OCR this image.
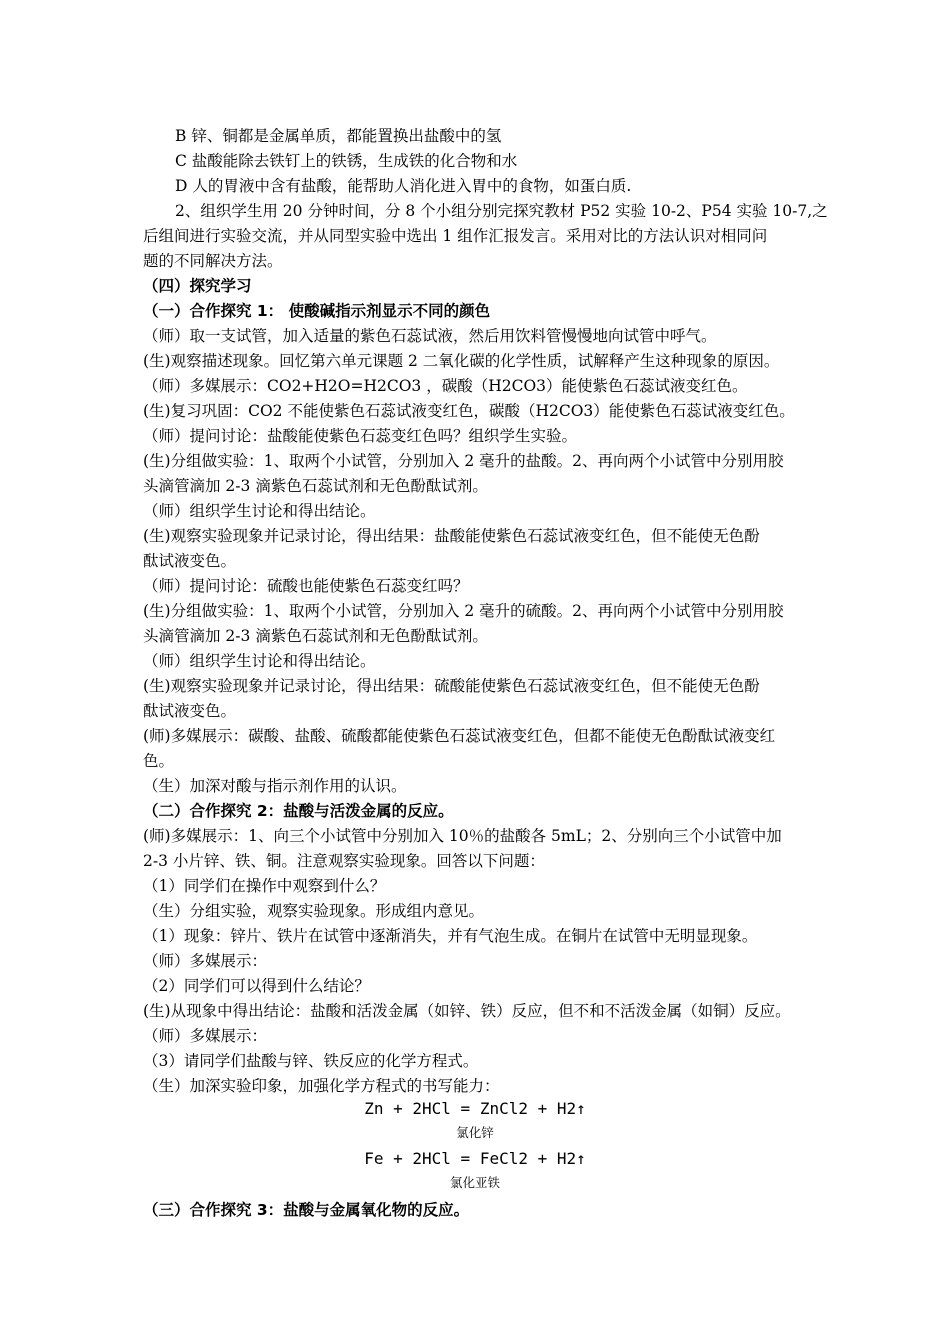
B 锌、铜都是金属单质，都能置换出盐酸中的氢
C 盐酸能除去铁钉上的铁锈，生成铁的化合物和水
D 人的胃液中含有盐酸，能帮助人消化进入胃中的食物，如蛋白质.
2、组织学生用 20 分钟时间，分 8 个小组分别完探究教材 P52 实验 10-2、P54 实验 10-7,之
后组间进行实验交流，并从同型实验中选出 1 组作汇报发言。采用对比的方法认识对相同问
题的不同解决方法。
（四）探究学习
（一）合作探究 1： 使酸碱指示剂显示不同的颜色
（师）取一支试管，加入适量的紫色石蕊试液，然后用饮料管慢慢地向试管中呼气。
(生)观察描述现象。回忆第六单元课题 2 二氧化碳的化学性质，试解释产生这种现象的原因。
（师）多媒展示：CO2+H2O=H2CO3 ，碳酸（H2CO3）能使紫色石蕊试液变红色。
(生)复习巩固：CO2 不能使紫色石蕊试液变红色，碳酸（H2CO3）能使紫色石蕊试液变红色。
（师）提问讨论：盐酸能使紫色石蕊变红色吗？组织学生实验。
(生)分组做实验：1、取两个小试管，分别加入 2 毫升的盐酸。2、再向两个小试管中分别用胶
头滴管滴加 2-3 滴紫色石蕊试剂和无色酚酞试剂。
（师）组织学生讨论和得出结论。
(生)观察实验现象并记录讨论，得出结果：盐酸能使紫色石蕊试液变红色，但不能使无色酚
酞试液变色。
（师）提问讨论：硫酸也能使紫色石蕊变红吗？
(生)分组做实验：1、取两个小试管，分别加入 2 毫升的硫酸。2、再向两个小试管中分别用胶
头滴管滴加 2-3 滴紫色石蕊试剂和无色酚酞试剂。
（师）组织学生讨论和得出结论。
(生)观察实验现象并记录讨论，得出结果：硫酸能使紫色石蕊试液变红色，但不能使无色酚
酞试液变色。
(师)多媒展示：碳酸、盐酸、硫酸都能使紫色石蕊试液变红色，但都不能使无色酚酞试液变红
色。
（生）加深对酸与指示剂作用的认识。
（二）合作探究 2：盐酸与活泼金属的反应。
(师)多媒展示：1、向三个小试管中分别加入 10％的盐酸各 5mL；2、分别向三个小试管中加
2-3 小片锌、铁、铜。注意观察实验现象。回答以下问题：
（1）同学们在操作中观察到什么？
（生）分组实验，观察实验现象。形成组内意见。
（1）现象：锌片、铁片在试管中逐渐消失，并有气泡生成。在铜片在试管中无明显现象。
（师）多媒展示：
（2）同学们可以得到什么结论？
(生)从现象中得出结论：盐酸和活泼金属（如锌、铁）反应，但不和不活泼金属（如铜）反应。
（师）多媒展示：
（3）请同学们盐酸与锌、铁反应的化学方程式。
（生）加深实验印象，加强化学方程式的书写能力：
Zn + 2HCl = ZnCl2 + H2↑
氯化锌
Fe + 2HCl = FeCl2 + H2↑
氯化亚铁
（三）合作探究 3：盐酸与金属氧化物的反应。
